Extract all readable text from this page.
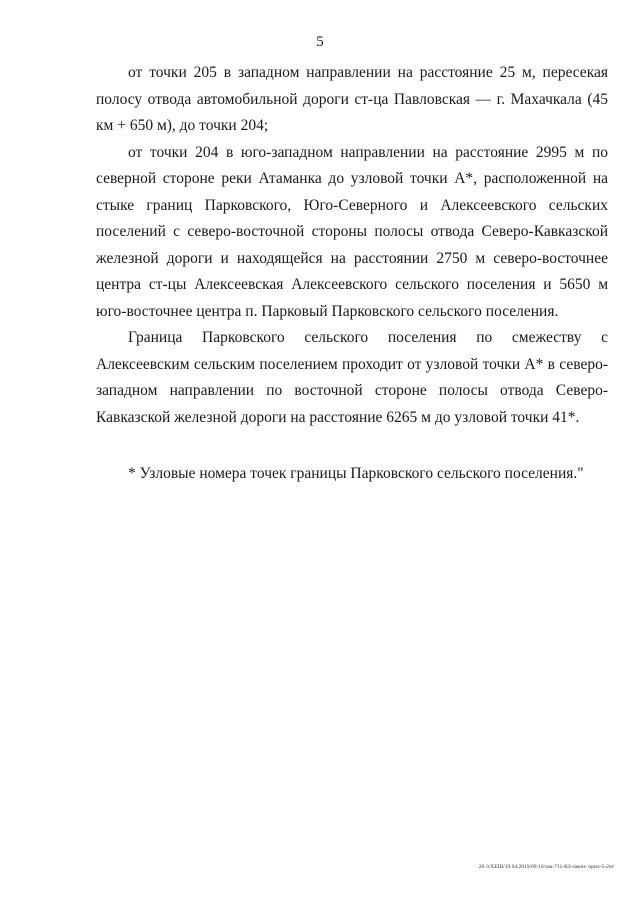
5

от точки 205 в западном направлении на расстояние 25 м, пересекая полосу отвода автомобильной дороги ст-ца Павловская — г. Махачкала (45 км + 650 м), до точки 204;

от точки 204 в юго-западном направлении на расстояние 2995 м по северной стороне реки Атаманка до узловой точки А*, расположенной на стыке границ Парковского, Юго-Северного и Алексеевского сельских поселений с северо-восточной стороны полосы отвода Северо-Кавказской железной дороги и находящейся на расстоянии 2750 м северо-восточнее центра ст-цы Алексеевская Алексеевского сельского поселения и 5650 м юго-восточнее центра п. Парковый Парковского сельского поселения.

Граница Парковского сельского поселения по смежеству с Алексеевским сельским поселением проходит от узловой точки А* в северо-западном направлении по восточной стороне полосы отвода Северо-Кавказской железной дороги на расстояние 6265 м до узловой точки 41*.

* Узловые номера точек границы Парковского сельского поселения."
20-3/ХЕШ/19.04.2019/09:16/зак-711-КЗ-закон- прил-5-2чт
